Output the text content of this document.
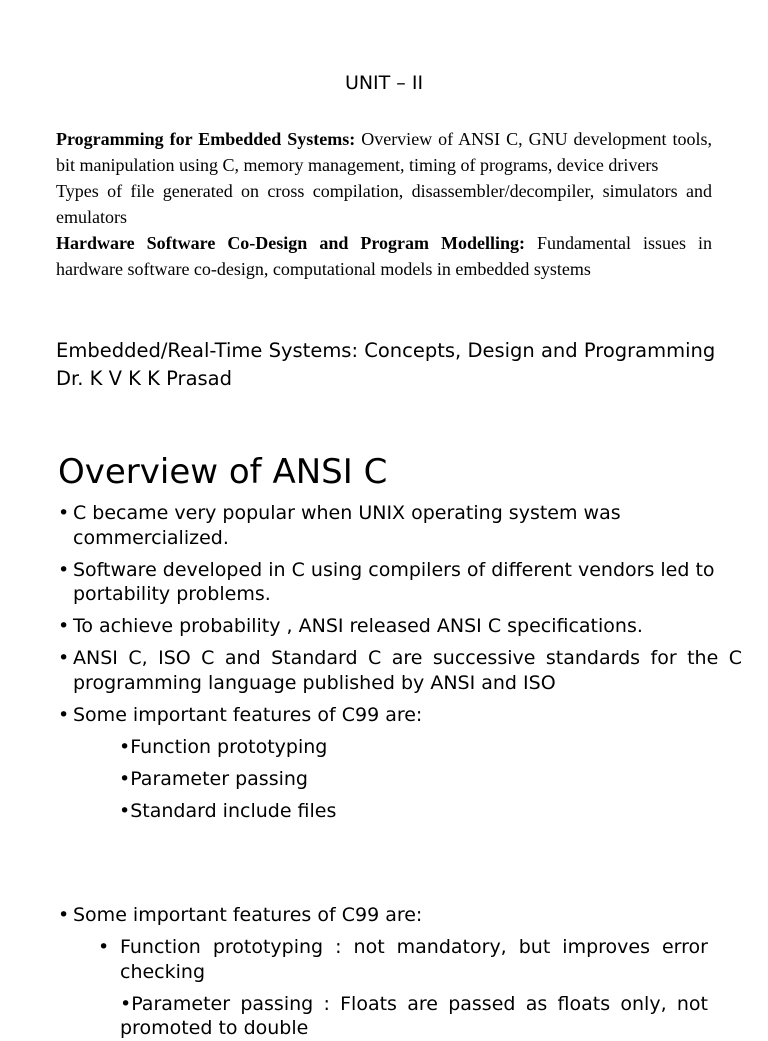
UNIT – II

Programming for Embedded Systems: Overview of ANSI C, GNU development tools, bit manipulation using C, memory management, timing of programs, device drivers

Types of file generated on cross compilation, disassembler/decompiler, simulators and emulators

Hardware Software Co-Design and Program Modelling: Fundamental issues in hardware software co-design, computational models in embedded systems

Embedded/Real-Time Systems: Concepts, Design and Programming
Dr. K V K K Prasad
Overview of ANSI C
• C became very popular when UNIX operating system was commercialized.
• Software developed in C using compilers of different vendors led to portability problems.
• To achieve probability , ANSI released ANSI C specifications.
• ANSI C, ISO C and Standard C are successive standards for the C programming language published by ANSI and ISO
• Some important features of C99 are:
•Function prototyping
•Parameter passing
•Standard include files
• Some important features of C99 are:
• Function prototyping : not mandatory, but improves error checking
•Parameter passing : Floats are passed as floats only, not promoted to double
